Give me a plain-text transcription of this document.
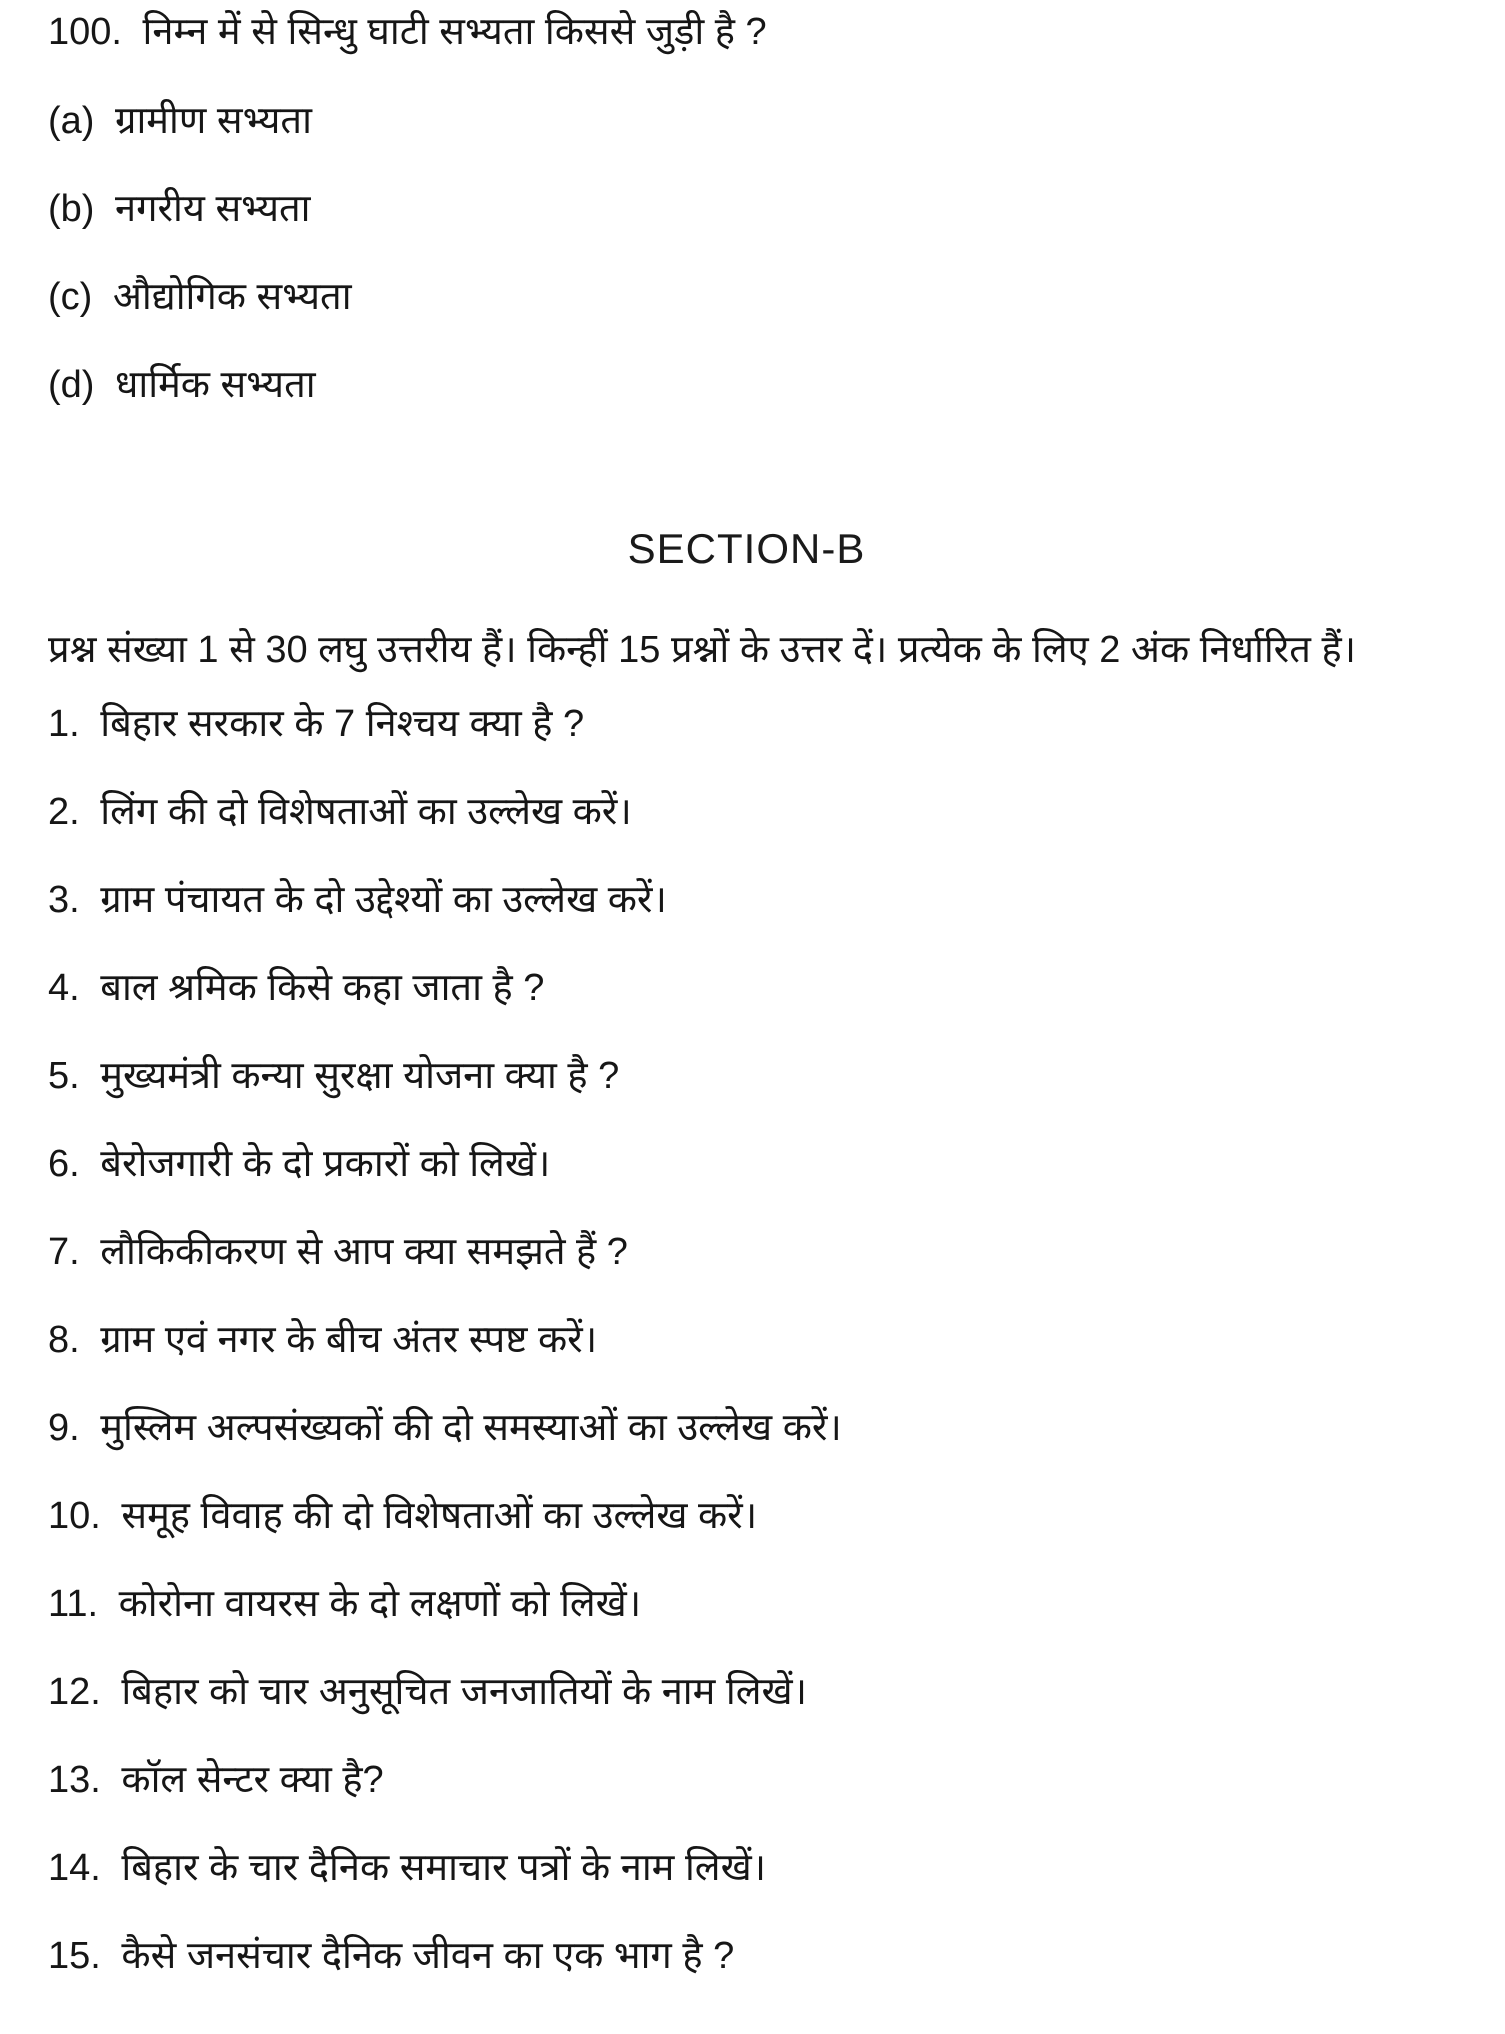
100. निम्न में से सिन्धु घाटी सभ्यता किससे जुड़ी है ?
(a) ग्रामीण सभ्यता
(b) नगरीय सभ्यता
(c) औद्योगिक सभ्यता
(d) धार्मिक सभ्यता
SECTION-B
प्रश्न संख्या 1 से 30 लघु उत्तरीय हैं। किन्हीं 15 प्रश्नों के उत्तर दें। प्रत्येक के लिए 2 अंक निर्धारित हैं।
1. बिहार सरकार के 7 निश्चय क्या है ?
2. लिंग की दो विशेषताओं का उल्लेख करें।
3. ग्राम पंचायत के दो उद्देश्यों का उल्लेख करें।
4. बाल श्रमिक किसे कहा जाता है ?
5. मुख्यमंत्री कन्या सुरक्षा योजना क्या है ?
6. बेरोजगारी के दो प्रकारों को लिखें।
7. लौकिकीकरण से आप क्या समझते हैं ?
8. ग्राम एवं नगर के बीच अंतर स्पष्ट करें।
9. मुस्लिम अल्पसंख्यकों की दो समस्याओं का उल्लेख करें।
10. समूह विवाह की दो विशेषताओं का उल्लेख करें।
11. कोरोना वायरस के दो लक्षणों को लिखें।
12. बिहार को चार अनुसूचित जनजातियों के नाम लिखें।
13. कॉल सेन्टर क्या है?
14. बिहार के चार दैनिक समाचार पत्रों के नाम लिखें।
15. कैसे जनसंचार दैनिक जीवन का एक भाग है ?
